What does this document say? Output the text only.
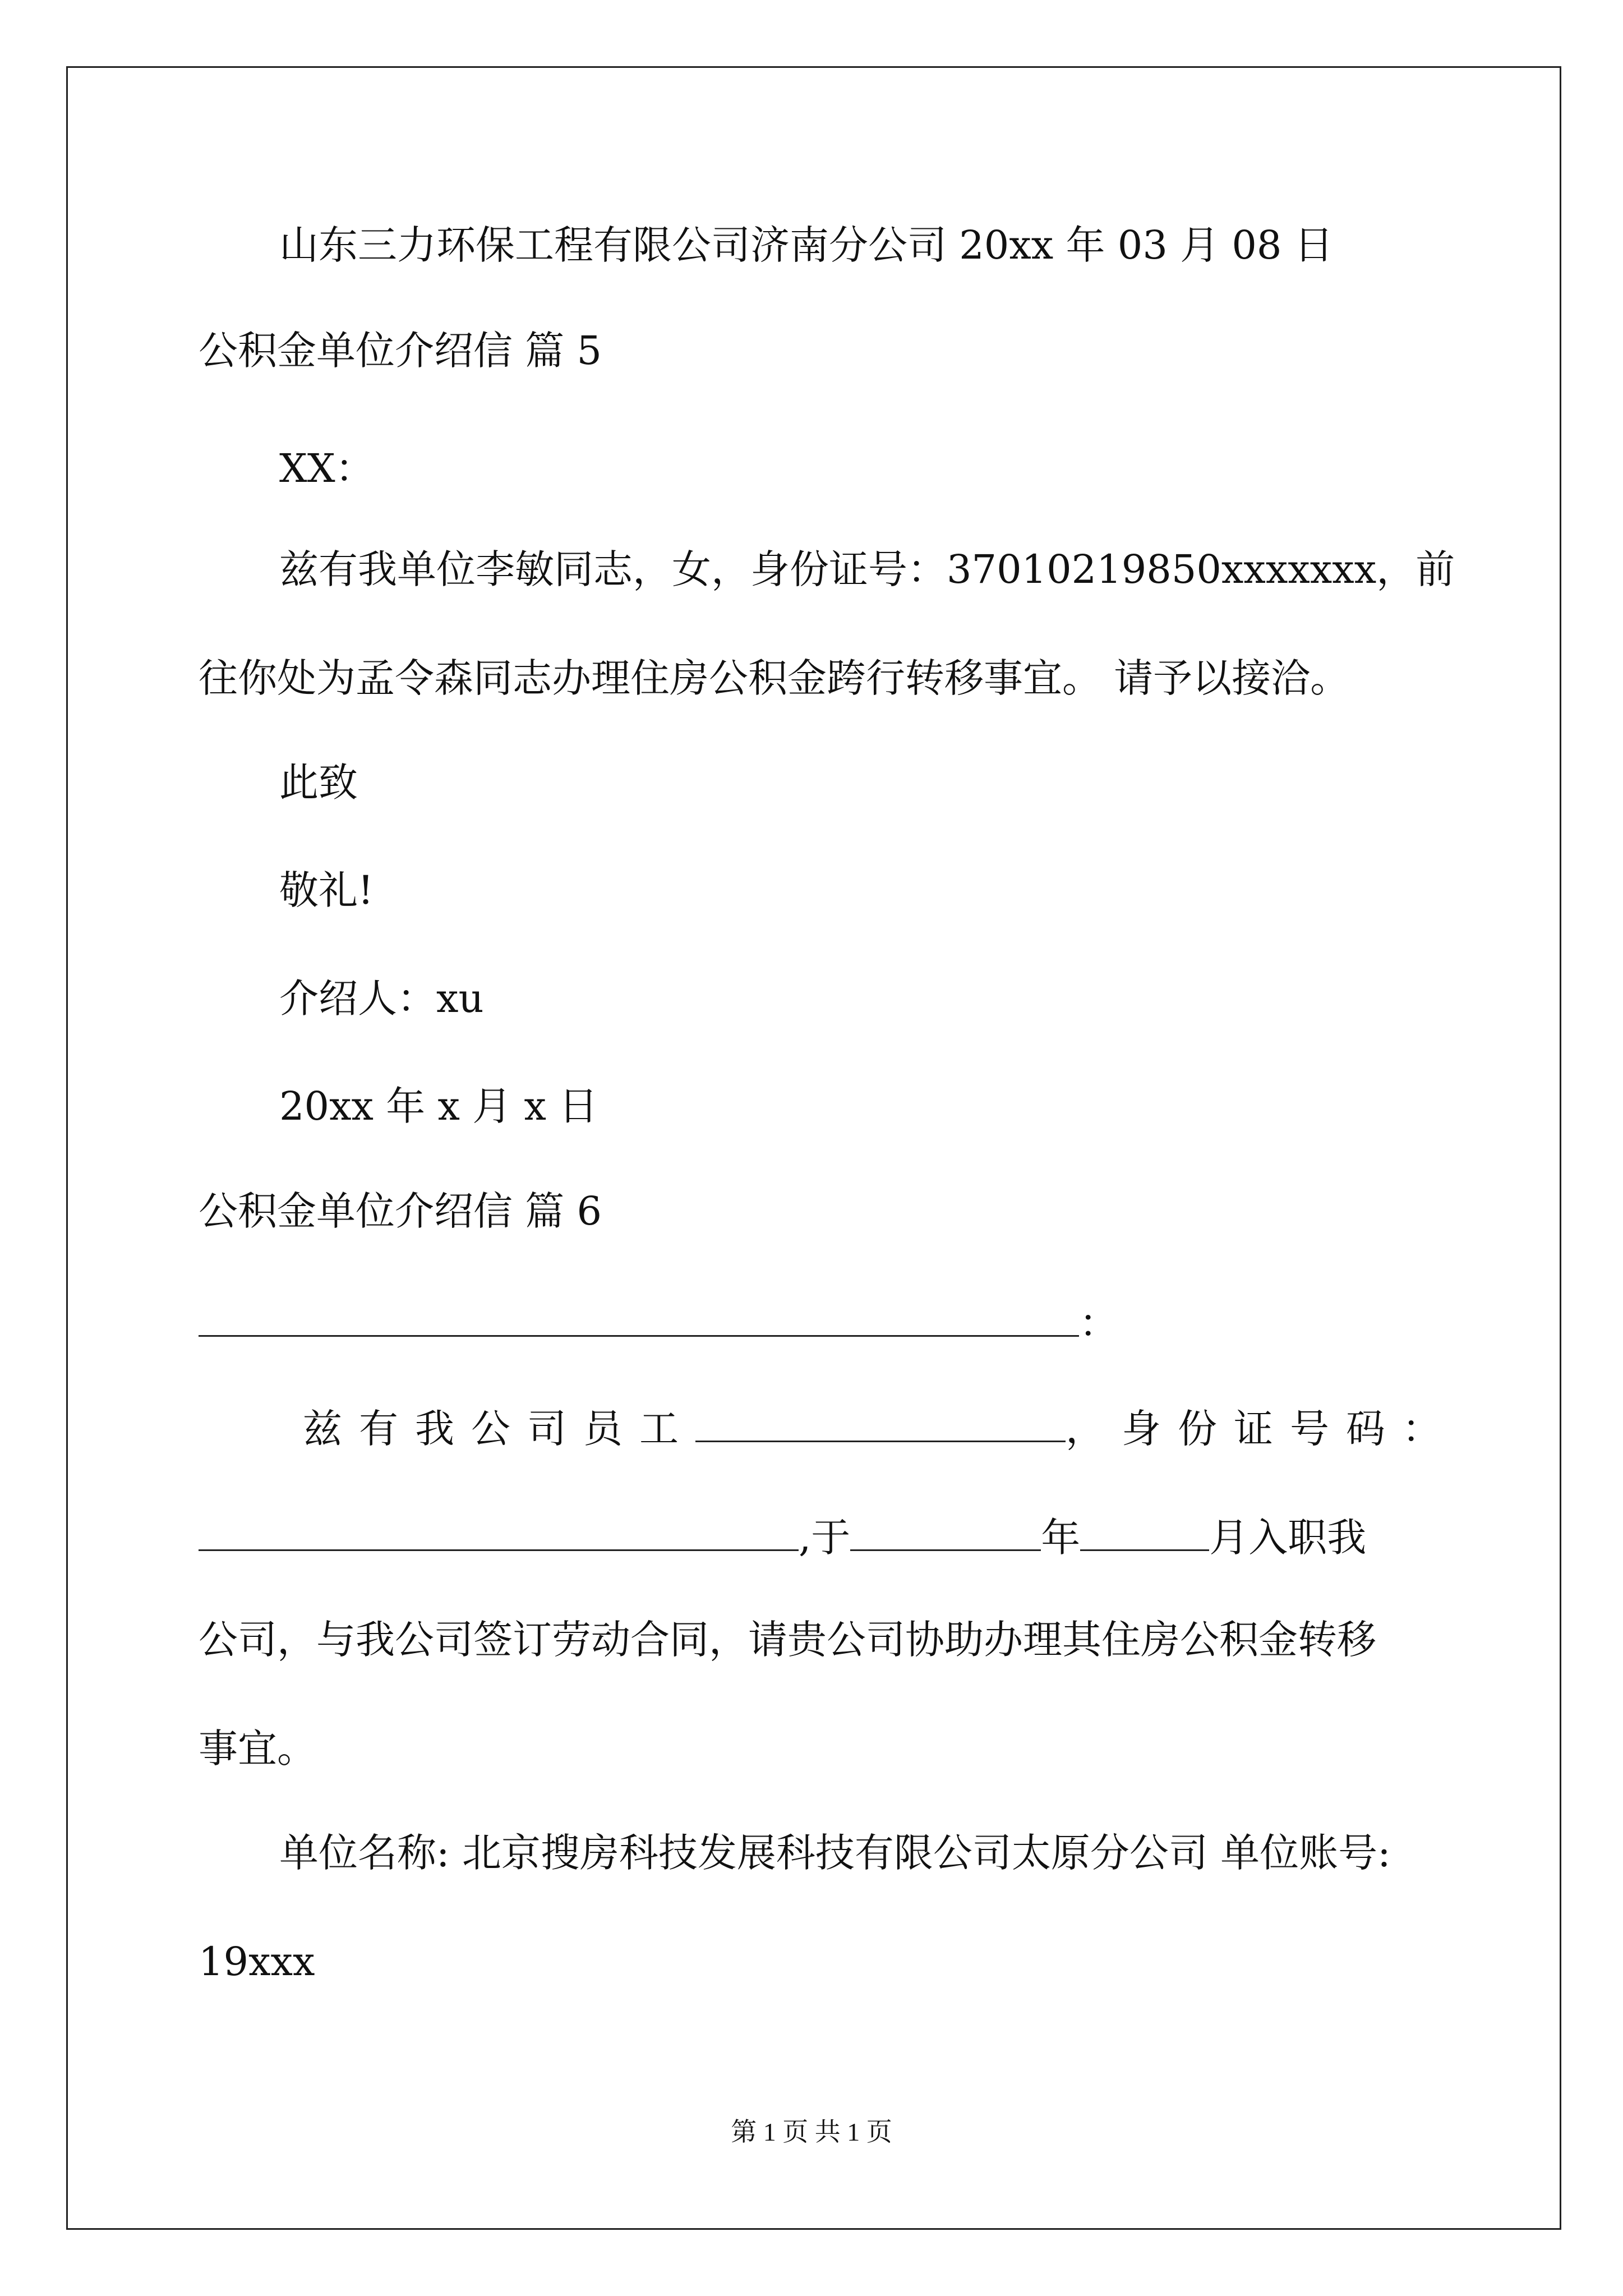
山东三力环保工程有限公司济南分公司 20xx 年 03 月 08 日
公积金单位介绍信 篇 5
XX：
兹有我单位李敏同志，女，身份证号：37010219850xxxxxxx，前
往你处为孟令森同志办理住房公积金跨行转移事宜。 请予以接洽。
此致
敬礼!
介绍人：xu
20xx 年 x 月 x 日
公积金单位介绍信 篇 6
：
兹有我公司员工	，身份证号码：
,于	年	月入职我
公司，与我公司签订劳动合同，请贵公司协助办理其住房公积金转移
事宜。
单位名称: 北京搜房科技发展科技有限公司太原分公司 单位账号:
19xxx
第 1 页 共 1 页
